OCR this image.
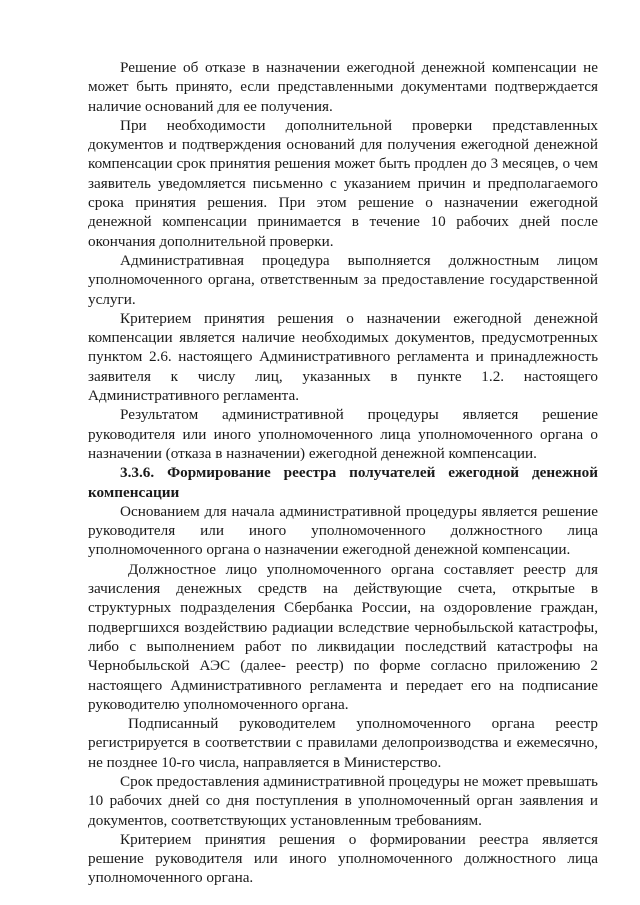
Решение об отказе в назначении ежегодной денежной компенсации не может быть принято, если представленными документами подтверждается наличие оснований для ее получения.

При необходимости дополнительной проверки представленных документов и подтверждения оснований для получения ежегодной денежной компенсации срок принятия решения может быть продлен до 3 месяцев, о чем заявитель уведомляется письменно с указанием причин и предполагаемого срока принятия решения. При этом решение о назначении ежегодной денежной компенсации принимается в течение 10 рабочих дней после окончания дополнительной проверки.

Административная процедура выполняется должностным лицом уполномоченного органа, ответственным за предоставление государственной услуги.

Критерием принятия решения о назначении ежегодной денежной компенсации является наличие необходимых документов, предусмотренных пунктом 2.6. настоящего Административного регламента и принадлежность заявителя к числу лиц, указанных в пункте 1.2. настоящего Административного регламента.

Результатом административной процедуры является решение руководителя или иного уполномоченного лица уполномоченного органа о назначении (отказа в назначении) ежегодной денежной компенсации.

3.3.6. Формирование реестра получателей ежегодной денежной компенсации

Основанием для начала административной процедуры является решение руководителя или иного уполномоченного должностного лица уполномоченного органа о назначении ежегодной денежной компенсации.

Должностное лицо уполномоченного органа составляет реестр для зачисления денежных средств на действующие счета, открытые в структурных подразделения Сбербанка России, на оздоровление граждан, подвергшихся воздействию радиации вследствие чернобыльской катастрофы, либо с выполнением работ по ликвидации последствий катастрофы на Чернобыльской АЭС (далее- реестр) по форме согласно приложению 2 настоящего Административного регламента и передает его на подписание руководителю уполномоченного органа.

Подписанный руководителем уполномоченного органа реестр регистрируется в соответствии с правилами делопроизводства и ежемесячно, не позднее 10-го числа, направляется в Министерство.

Срок предоставления административной процедуры не может превышать 10 рабочих дней со дня поступления в уполномоченный орган заявления и документов, соответствующих установленным требованиям.

Критерием принятия решения о формировании реестра является решение руководителя или иного уполномоченного должностного лица уполномоченного органа.
